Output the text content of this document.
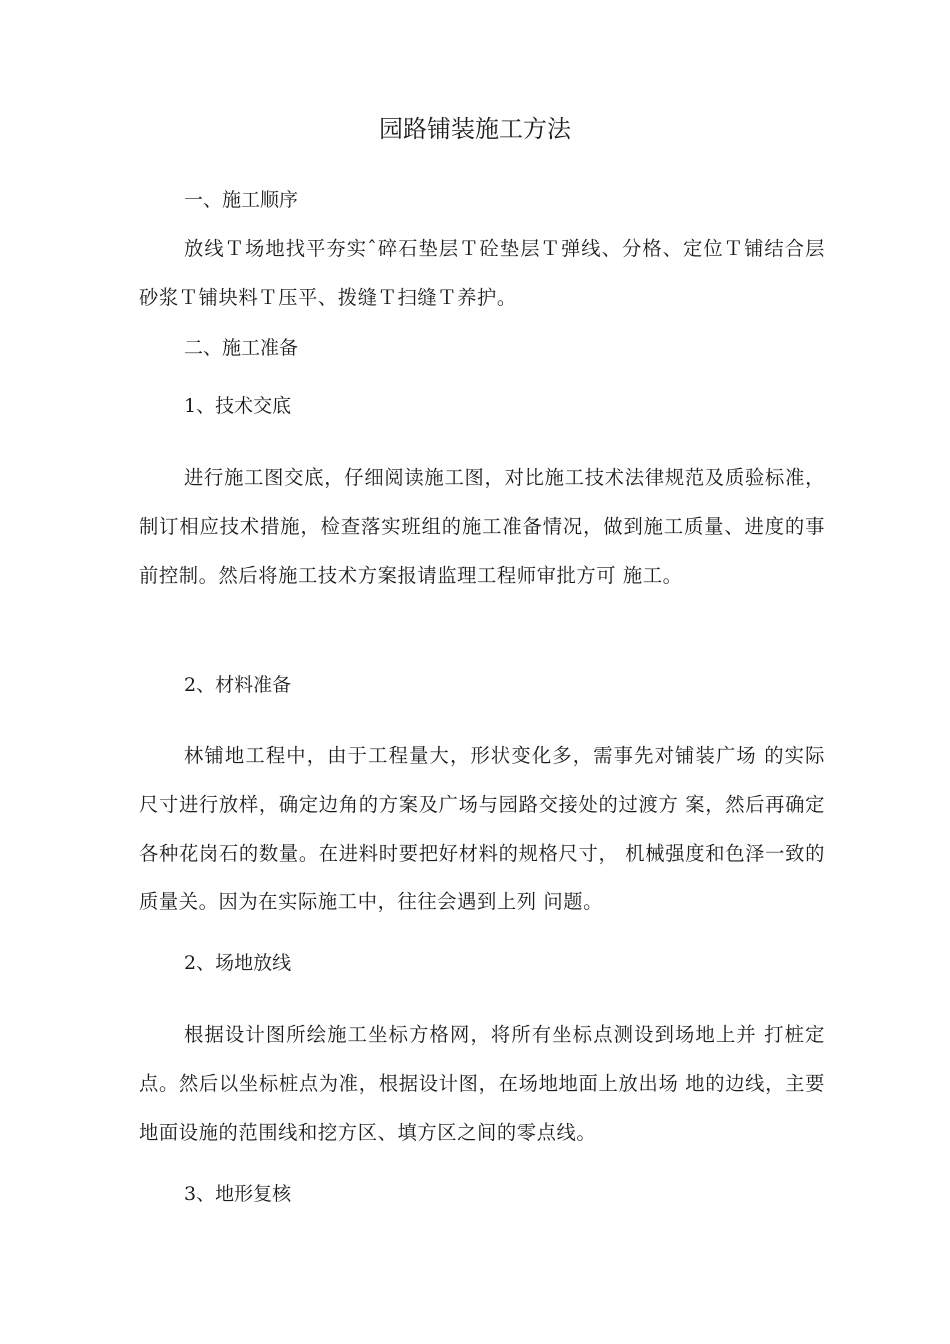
园路铺装施工方法

一、施工顺序

放线Ｔ场地找平夯实ˆ碎石垫层Ｔ砼垫层Ｔ弹线、分格、定位Ｔ铺结合层砂浆Ｔ铺块料Ｔ压平、拨缝Ｔ扫缝Ｔ养护。

二、施工准备

1、技术交底

进行施工图交底，仔细阅读施工图，对比施工技术法律规范及质验标准，制订相应技术措施，检查落实班组的施工准备情况，做到施工质量、进度的事前控制。然后将施工技术方案报请监理工程师审批方可 施工。

2、材料准备

林铺地工程中，由于工程量大，形状变化多，需事先对铺装广场 的实际尺寸进行放样，确定边角的方案及广场与园路交接处的过渡方 案，然后再确定各种花岗石的数量。在进料时要把好材料的规格尺寸， 机械强度和色泽一致的质量关。因为在实际施工中，往往会遇到上列 问题。

2、场地放线

根据设计图所绘施工坐标方格网，将所有坐标点测设到场地上并 打桩定点。然后以坐标桩点为准，根据设计图，在场地地面上放出场 地的边线，主要地面设施的范围线和挖方区、填方区之间的零点线。

3、地形复核
